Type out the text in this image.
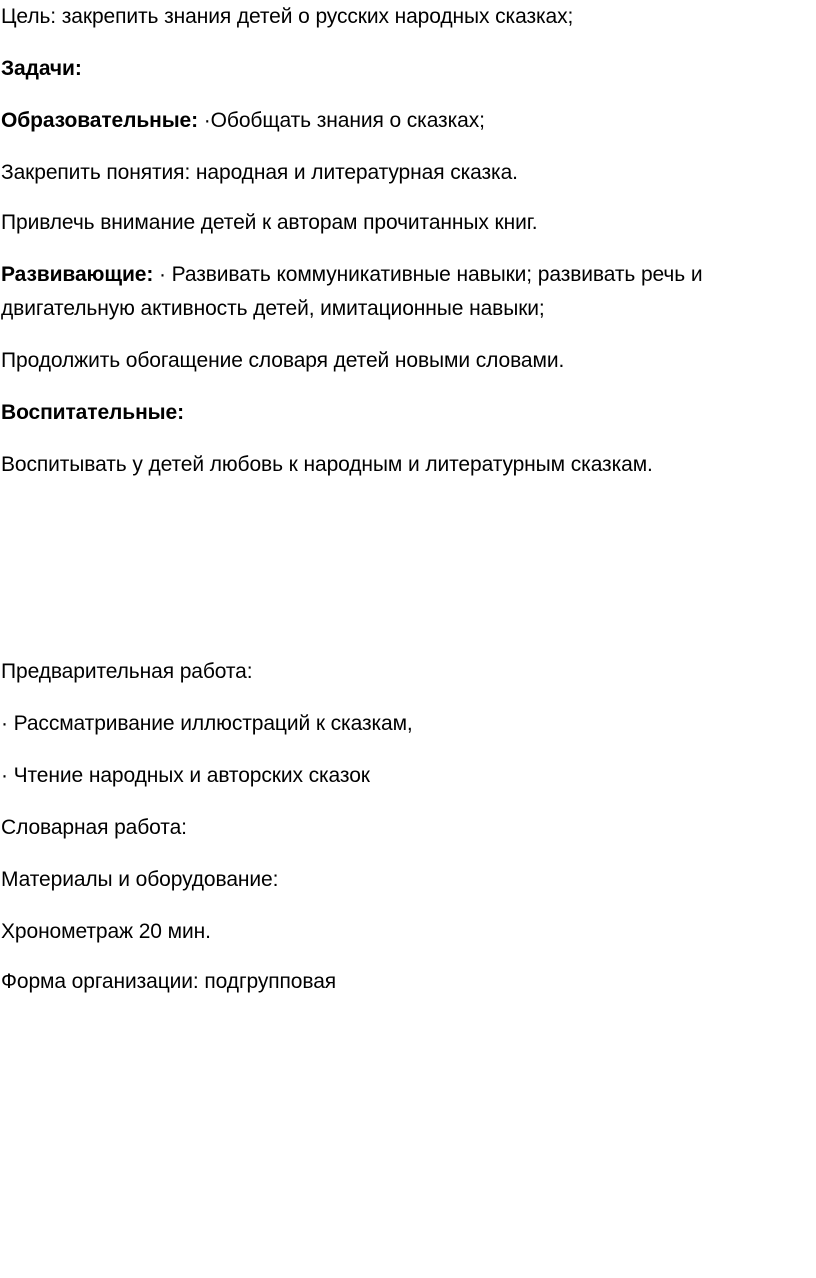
Цель: закрепить знания детей о русских народных сказках;
Задачи:
Образовательные: ·Обобщать знания о сказках;
Закрепить понятия: народная и литературная сказка.
Привлечь внимание детей к авторам прочитанных книг.
Развивающие: · Развивать коммуникативные навыки; развивать речь и
двигательную активность детей, имитационные навыки;
Продолжить обогащение словаря детей новыми словами.
Воспитательные:
Воспитывать у детей любовь к народным и литературным сказкам.
Предварительная работа:
· Рассматривание иллюстраций к сказкам,
· Чтение народных и авторских сказок
Словарная работа:
Материалы и оборудование:
Хронометраж 20 мин.
Форма организации: подгрупповая
